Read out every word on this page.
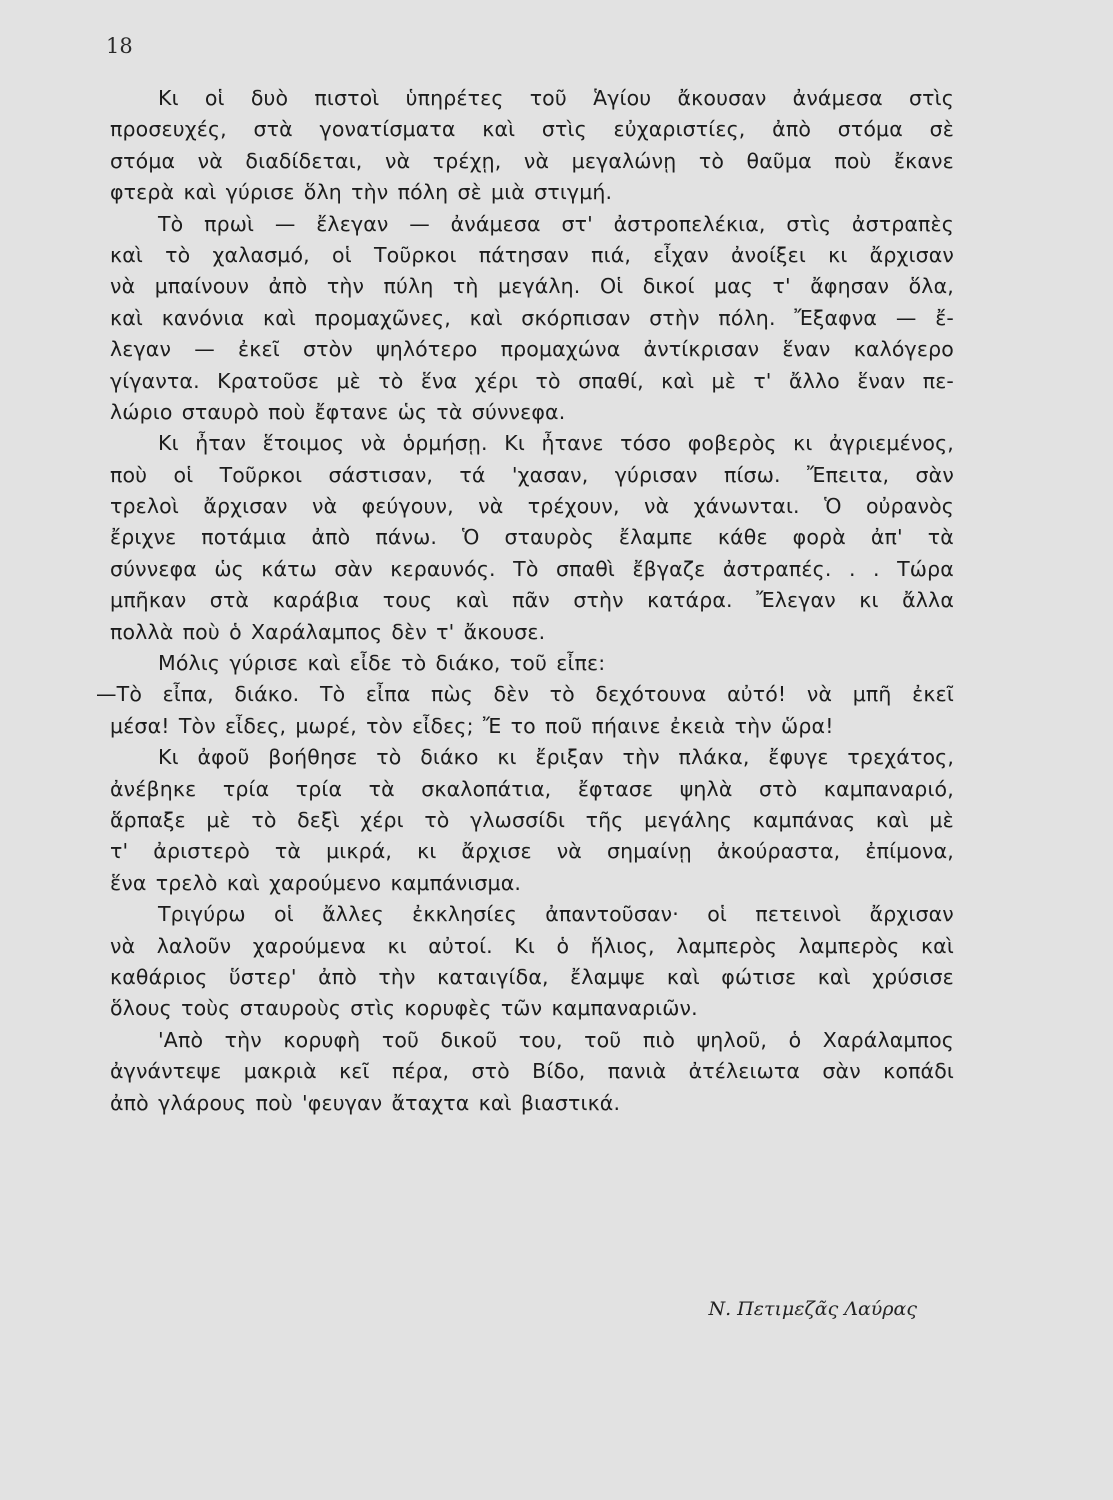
18
Κι οἱ δυὸ πιστοὶ ὑπηρέτες τοῦ Ἁγίου ἄκουσαν ἀνάμεσα στὶς
προσευχές, στὰ γονατίσματα καὶ στὶς εὐχαριστίες, ἀπὸ στόμα σὲ
στόμα νὰ διαδίδεται, νὰ τρέχῃ, νὰ μεγαλώνῃ τὸ θαῦμα ποὺ ἔκανε
φτερὰ καὶ γύρισε ὅλη τὴν πόλη σὲ μιὰ στιγμή.
Τὸ πρωὶ — ἔλεγαν — ἀνάμεσα στ' ἀστροπελέκια, στὶς ἀστραπὲς
καὶ τὸ χαλασμό, οἱ Τοῦρκοι πάτησαν πιά, εἶχαν ἀνοίξει κι ἄρχισαν
νὰ μπαίνουν ἀπὸ τὴν πύλη τὴ μεγάλη. Οἱ δικοί μας τ' ἄφησαν ὅλα,
καὶ κανόνια καὶ προμαχῶνες, καὶ σκόρπισαν στὴν πόλη. Ἔξαφνα — ἔ-
λεγαν — ἐκεῖ στὸν ψηλότερο προμαχώνα ἀντίκρισαν ἕναν καλόγερο
γίγαντα. Κρατοῦσε μὲ τὸ ἕνα χέρι τὸ σπαθί, καὶ μὲ τ' ἄλλο ἕναν πε-
λώριο σταυρὸ ποὺ ἔφτανε ὡς τὰ σύννεφα.
Κι ἦταν ἕτοιμος νὰ ὁρμήσῃ. Κι ἦτανε τόσο φοβερὸς κι ἀγριεμένος,
ποὺ οἱ Τοῦρκοι σάστισαν, τά 'χασαν, γύρισαν πίσω. Ἔπειτα, σὰν
τρελοὶ ἄρχισαν νὰ φεύγουν, νὰ τρέχουν, νὰ χάνωνται. Ὁ οὐρανὸς
ἔριχνε ποτάμια ἀπὸ πάνω. Ὁ σταυρὸς ἔλαμπε κάθε φορὰ ἀπ' τὰ
σύννεφα ὡς κάτω σὰν κεραυνός. Τὸ σπαθὶ ἔβγαζε ἀστραπές. . . Τώρα
μπῆκαν στὰ καράβια τους καὶ πᾶν στὴν κατάρα. Ἔλεγαν κι ἄλλα
πολλὰ ποὺ ὁ Χαράλαμπος δὲν τ' ἄκουσε.
Μόλις γύρισε καὶ εἶδε τὸ διάκο, τοῦ εἶπε:
—Τὸ εἶπα, διάκο. Τὸ εἶπα πὼς δὲν τὸ δεχότουνα αὐτό! νὰ μπῆ ἐκεῖ
μέσα! Τὸν εἶδες, μωρέ, τὸν εἶδες; Ἔ το ποῦ πήαινε ἐκειὰ τὴν ὥρα!
Κι ἀφοῦ βοήθησε τὸ διάκο κι ἔριξαν τὴν πλάκα, ἔφυγε τρεχάτος,
ἀνέβηκε τρία τρία τὰ σκαλοπάτια, ἔφτασε ψηλὰ στὸ καμπαναριό,
ἅρπαξε μὲ τὸ δεξὶ χέρι τὸ γλωσσίδι τῆς μεγάλης καμπάνας καὶ μὲ
τ' ἀριστερὸ τὰ μικρά, κι ἄρχισε νὰ σημαίνῃ ἀκούραστα, ἐπίμονα,
ἕνα τρελὸ καὶ χαρούμενο καμπάνισμα.
Τριγύρω οἱ ἄλλες ἐκκλησίες ἀπαντοῦσαν· οἱ πετεινοὶ ἄρχισαν
νὰ λαλοῦν χαρούμενα κι αὐτοί. Κι ὁ ἥλιος, λαμπερὸς λαμπερὸς καὶ
καθάριος ὕστερ' ἀπὸ τὴν καταιγίδα, ἔλαμψε καὶ φώτισε καὶ χρύσισε
ὅλους τοὺς σταυροὺς στὶς κορυφὲς τῶν καμπαναριῶν.
'Απὸ τὴν κορυφὴ τοῦ δικοῦ του, τοῦ πιὸ ψηλοῦ, ὁ Χαράλαμπος
ἀγνάντεψε μακριὰ κεῖ πέρα, στὸ Βίδο, πανιὰ ἀτέλειωτα σὰν κοπάδι
ἀπὸ γλάρους ποὺ 'φευγαν ἄταχτα καὶ βιαστικά.
Ν. Πετιμεζᾶς Λαύρας
